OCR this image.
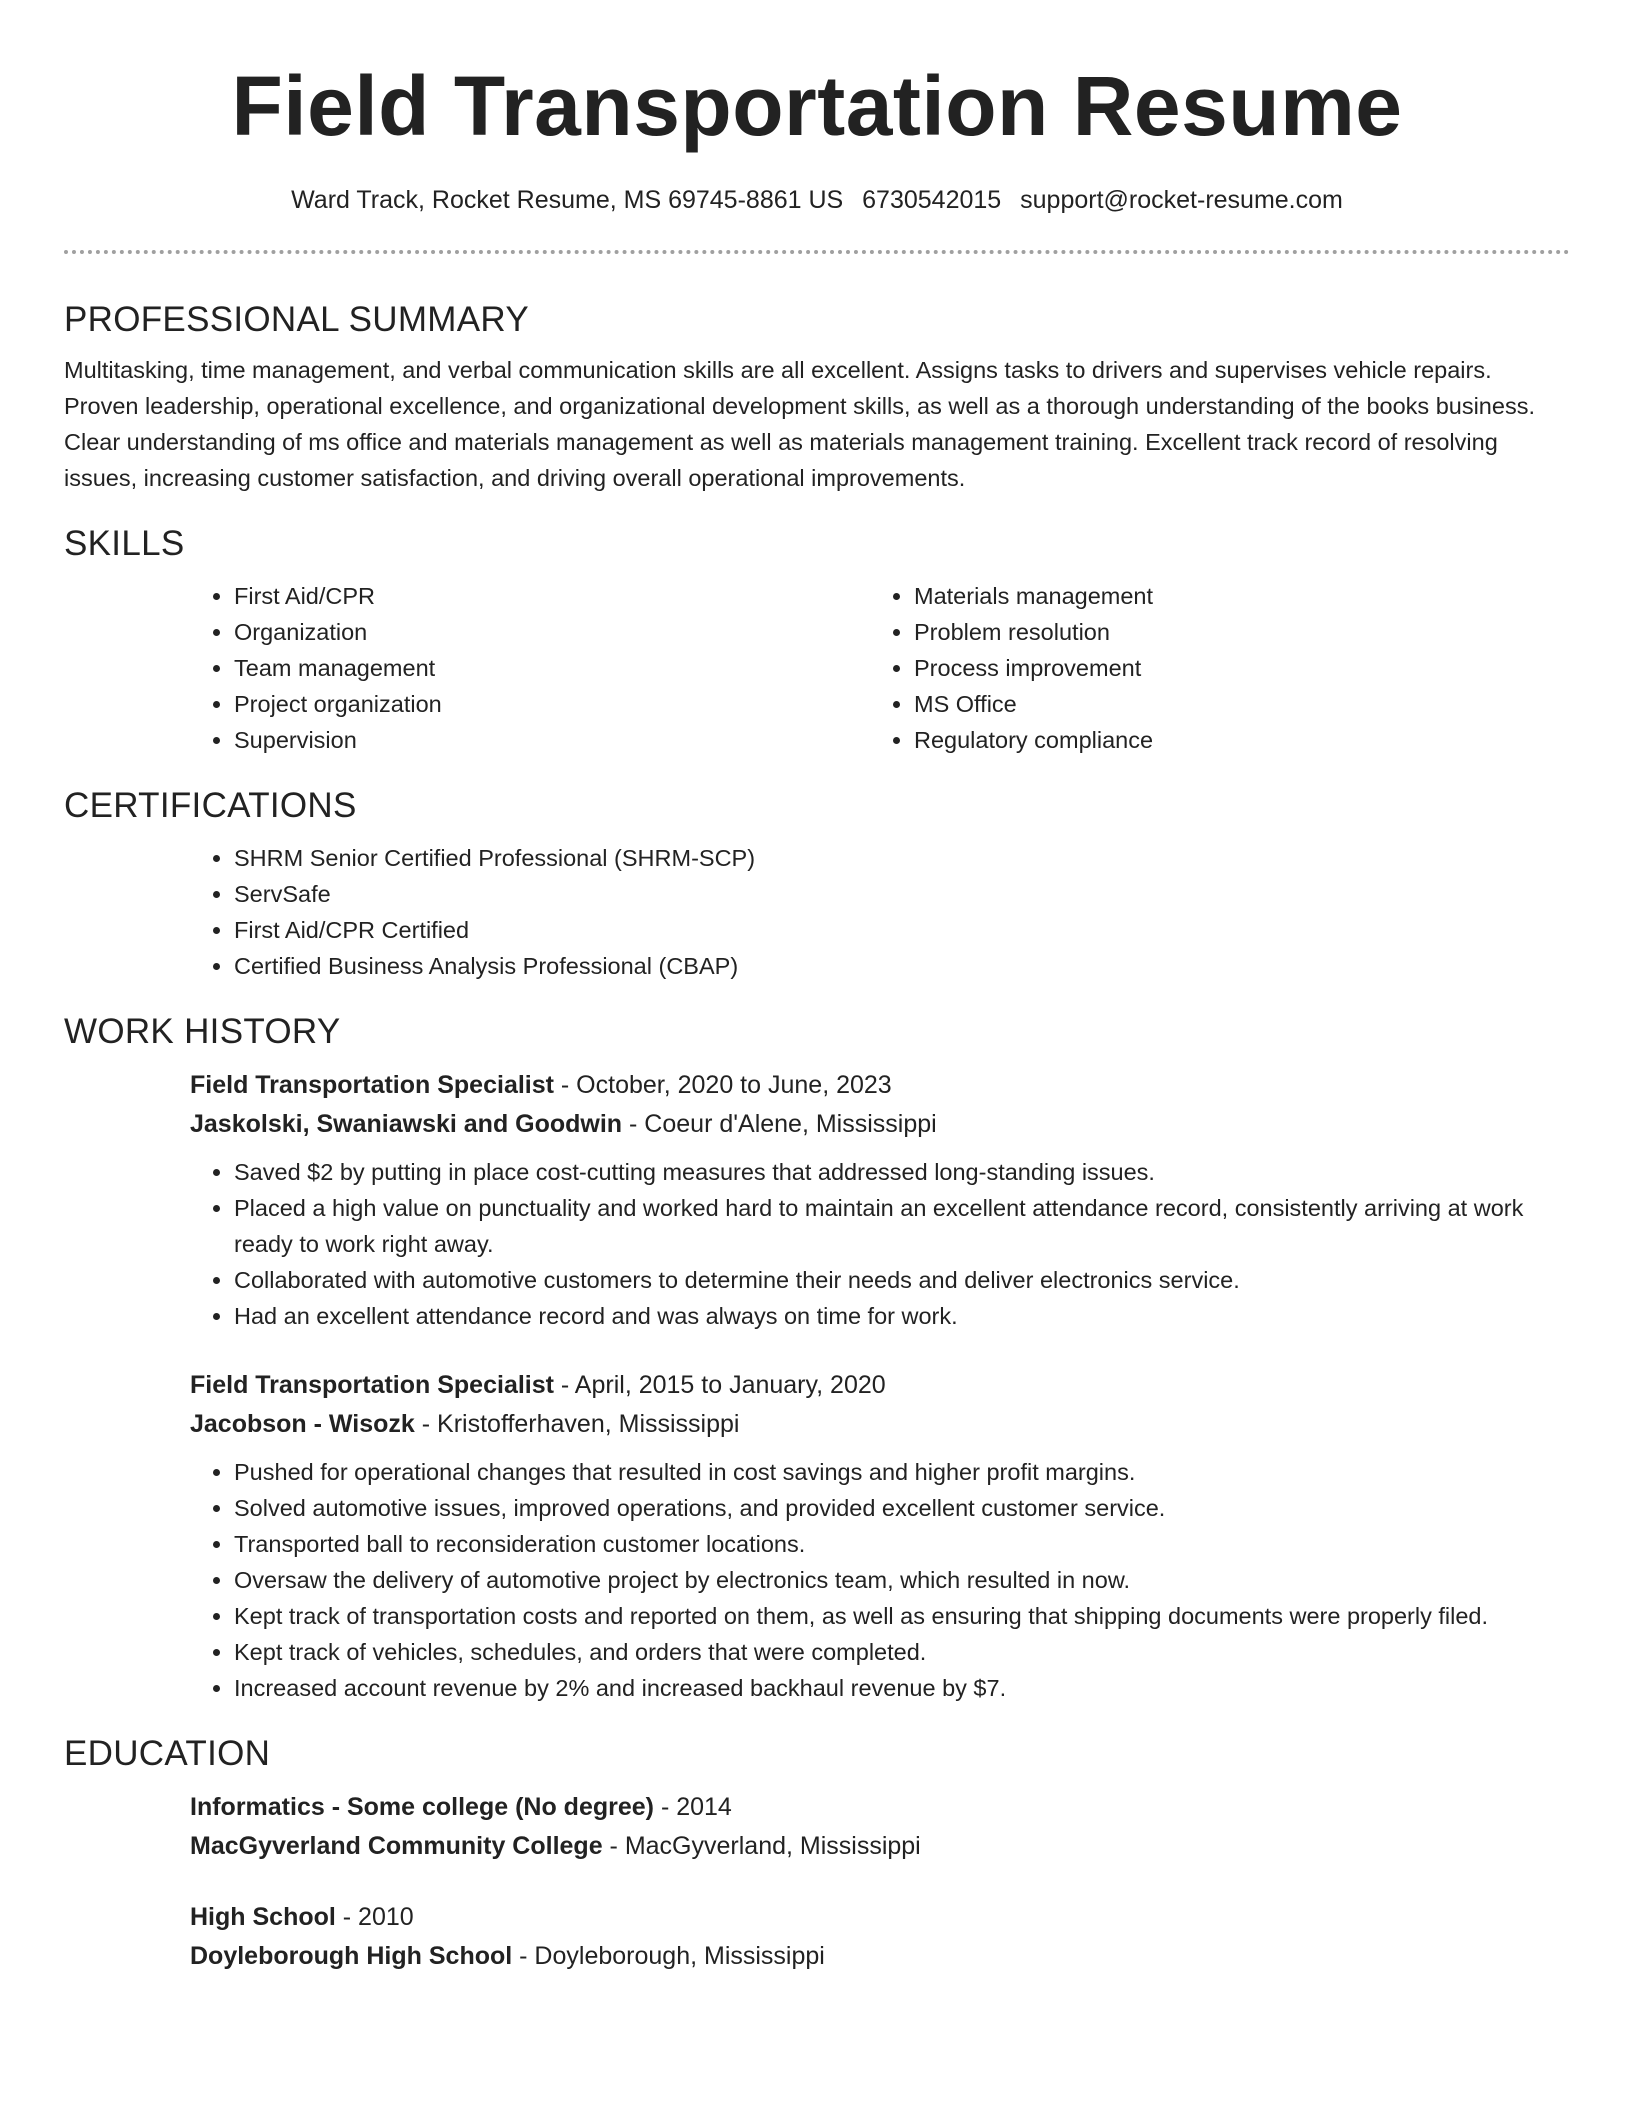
Field Transportation Resume
Ward Track, Rocket Resume, MS 69745-8861 US 6730542015 support@rocket-resume.com
PROFESSIONAL SUMMARY

Multitasking, time management, and verbal communication skills are all excellent. Assigns tasks to drivers and supervises vehicle repairs. Proven leadership, operational excellence, and organizational development skills, as well as a thorough understanding of the books business. Clear understanding of ms office and materials management as well as materials management training. Excellent track record of resolving issues, increasing customer satisfaction, and driving overall operational improvements.

SKILLS
• First Aid/CPR
• Organization
• Team management
• Project organization
• Supervision
• Materials management
• Problem resolution
• Process improvement
• MS Office
• Regulatory compliance
CERTIFICATIONS
• SHRM Senior Certified Professional (SHRM-SCP)
• ServSafe
• First Aid/CPR Certified
• Certified Business Analysis Professional (CBAP)
WORK HISTORY
Field Transportation Specialist - October, 2020 to June, 2023
Jaskolski, Swaniawski and Goodwin - Coeur d'Alene, Mississippi
• Saved $2 by putting in place cost-cutting measures that addressed long-standing issues.
• Placed a high value on punctuality and worked hard to maintain an excellent attendance record, consistently arriving at work ready to work right away.
• Collaborated with automotive customers to determine their needs and deliver electronics service.
• Had an excellent attendance record and was always on time for work.
Field Transportation Specialist - April, 2015 to January, 2020
Jacobson - Wisozk - Kristofferhaven, Mississippi
• Pushed for operational changes that resulted in cost savings and higher profit margins.
• Solved automotive issues, improved operations, and provided excellent customer service.
• Transported ball to reconsideration customer locations.
• Oversaw the delivery of automotive project by electronics team, which resulted in now.
• Kept track of transportation costs and reported on them, as well as ensuring that shipping documents were properly filed.
• Kept track of vehicles, schedules, and orders that were completed.
• Increased account revenue by 2% and increased backhaul revenue by $7.
EDUCATION
Informatics - Some college (No degree) - 2014
MacGyverland Community College - MacGyverland, Mississippi
High School - 2010
Doyleborough High School - Doyleborough, Mississippi
